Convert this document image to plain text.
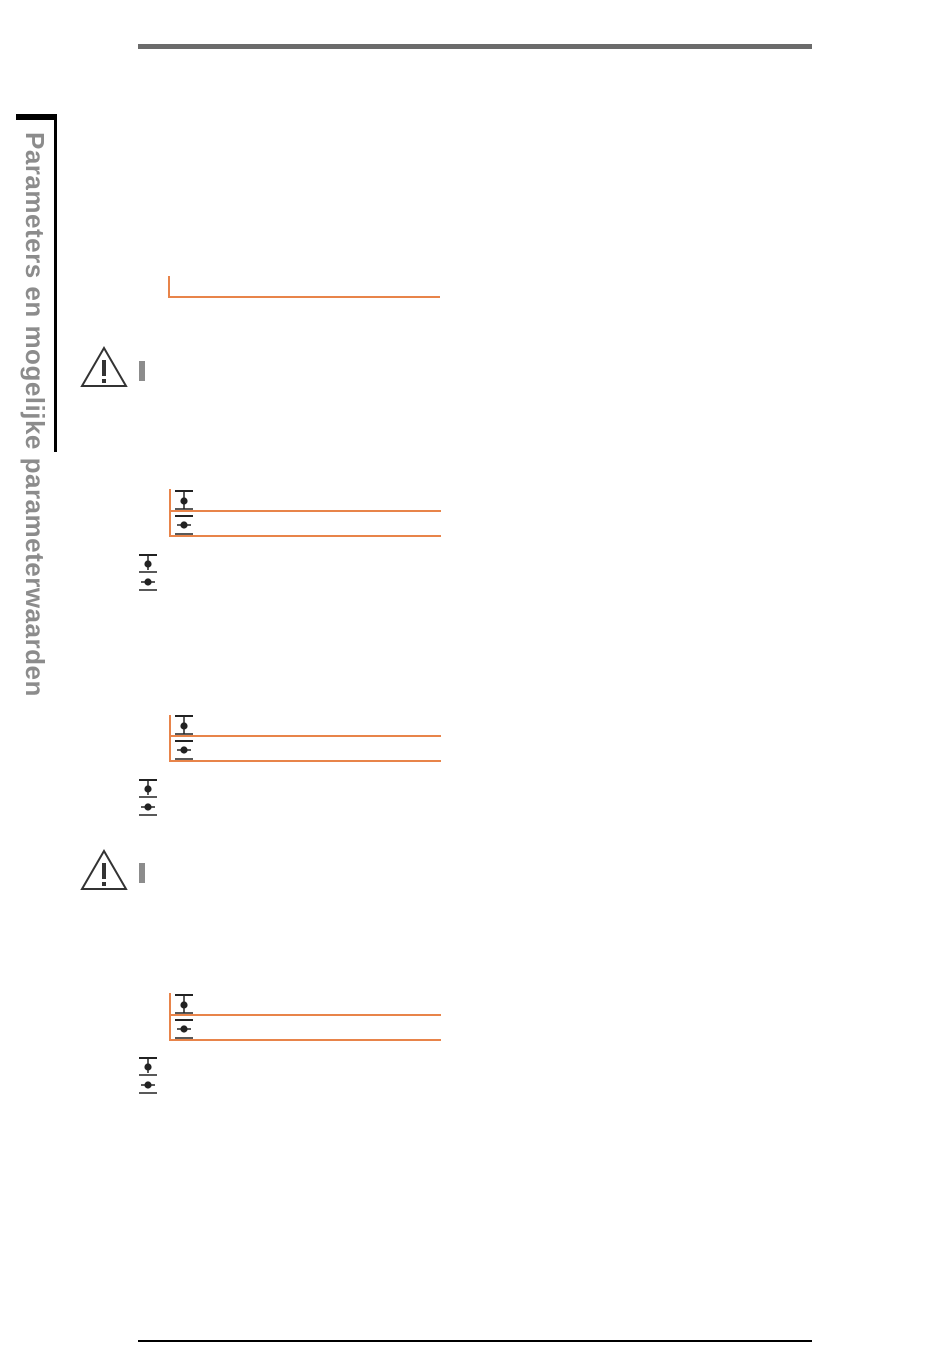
Parameters en mogelijke parameterwaarden
